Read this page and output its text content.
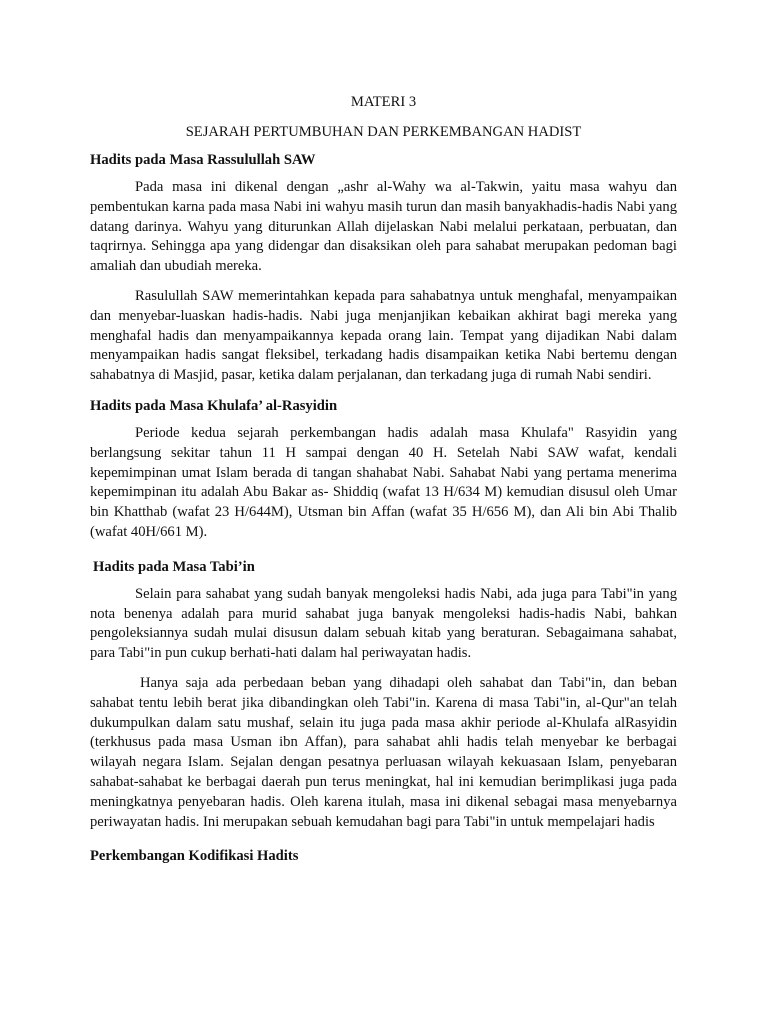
MATERI 3

SEJARAH PERTUMBUHAN DAN PERKEMBANGAN HADIST

Hadits pada Masa Rassulullah SAW

Pada masa ini dikenal dengan „ashr al-Wahy wa al-Takwin, yaitu masa wahyu dan pembentukan karna pada masa Nabi ini wahyu masih turun dan masih banyakhadis-hadis Nabi yang datang darinya. Wahyu yang diturunkan Allah dijelaskan Nabi melalui perkataan, perbuatan, dan taqrirnya. Sehingga apa yang didengar dan disaksikan oleh para sahabat merupakan pedoman bagi amaliah dan ubudiah mereka.

Rasulullah SAW memerintahkan kepada para sahabatnya untuk menghafal, menyampaikan dan menyebar-luaskan hadis-hadis. Nabi juga menjanjikan kebaikan akhirat bagi mereka yang menghafal hadis dan menyampaikannya kepada orang lain. Tempat yang dijadikan Nabi dalam menyampaikan hadis sangat fleksibel, terkadang hadis disampaikan ketika Nabi bertemu dengan sahabatnya di Masjid, pasar, ketika dalam perjalanan, dan terkadang juga di rumah Nabi sendiri.

Hadits pada Masa Khulafa’ al-Rasyidin

Periode kedua sejarah perkembangan hadis adalah masa Khulafa" Rasyidin yang berlangsung sekitar tahun 11 H sampai dengan 40 H. Setelah Nabi SAW wafat, kendali kepemimpinan umat Islam berada di tangan shahabat Nabi. Sahabat Nabi yang pertama menerima kepemimpinan itu adalah Abu Bakar as- Shiddiq (wafat 13 H/634 M) kemudian disusul oleh Umar bin Khatthab (wafat 23 H/644M), Utsman bin Affan (wafat 35 H/656 M), dan Ali bin Abi Thalib (wafat 40H/661 M).

Hadits pada Masa Tabi’in

Selain para sahabat yang sudah banyak mengoleksi hadis Nabi, ada juga para Tabi"in yang nota benenya adalah para murid sahabat juga banyak mengoleksi hadis-hadis Nabi, bahkan pengoleksiannya sudah mulai disusun dalam sebuah kitab yang beraturan. Sebagaimana sahabat, para Tabi"in pun cukup berhati-hati dalam hal periwayatan hadis.

Hanya saja ada perbedaan beban yang dihadapi oleh sahabat dan Tabi"in, dan beban sahabat tentu lebih berat jika dibandingkan oleh Tabi"in. Karena di masa Tabi"in, al-Qur"an telah dukumpulkan dalam satu mushaf, selain itu juga pada masa akhir periode al-Khulafa alRasyidin (terkhusus pada masa Usman ibn Affan), para sahabat ahli hadis telah menyebar ke berbagai wilayah negara Islam. Sejalan dengan pesatnya perluasan wilayah kekuasaan Islam, penyebaran sahabat-sahabat ke berbagai daerah pun terus meningkat, hal ini kemudian berimplikasi juga pada meningkatnya penyebaran hadis. Oleh karena itulah, masa ini dikenal sebagai masa menyebarnya periwayatan hadis. Ini merupakan sebuah kemudahan bagi para Tabi"in untuk mempelajari hadis

Perkembangan Kodifikasi Hadits
